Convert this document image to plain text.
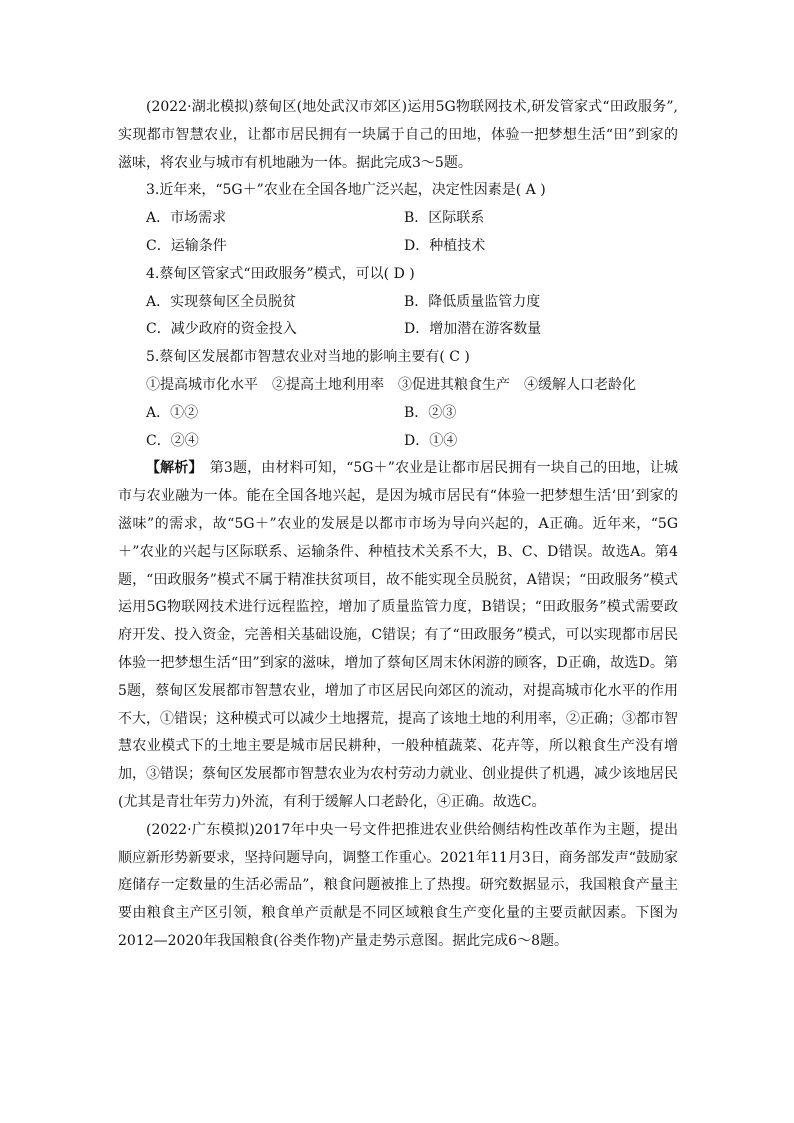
(2022·湖北模拟)蔡甸区(地处武汉市郊区)运用5G物联网技术,研发管家式“田政服务”,实现都市智慧农业，让都市居民拥有一块属于自己的田地，体验一把梦想生活“田”到家的滋味，将农业与城市有机地融为一体。据此完成3～5题。

3.近年来，“5G＋”农业在全国各地广泛兴起，决定性因素是( A )

A．市场需求	B．区际联系
C．运输条件	D．种植技术

4.蔡甸区管家式“田政服务”模式，可以( D )

A．实现蔡甸区全员脱贫	B．降低质量监管力度
C．减少政府的资金投入	D．增加潜在游客数量

5.蔡甸区发展都市智慧农业对当地的影响主要有( C )

①提高城市化水平　②提高土地利用率　③促进其粮食生产　④缓解人口老龄化

A．①②	B．②③
C．②④	D．①④

【解析】　第3题，由材料可知，“5G＋”农业是让都市居民拥有一块自己的田地，让城市与农业融为一体。能在全国各地兴起，是因为城市居民有“体验一把梦想生活‘田’到家的滋味”的需求，故“5G＋”农业的发展是以都市市场为导向兴起的，A正确。近年来，“5G＋”农业的兴起与区际联系、运输条件、种植技术关系不大，B、C、D错误。故选A。第4题，“田政服务”模式不属于精准扶贫项目，故不能实现全员脱贫，A错误；“田政服务”模式运用5G物联网技术进行远程监控，增加了质量监管力度，B错误；“田政服务”模式需要政府开发、投入资金，完善相关基础设施，C错误；有了“田政服务”模式，可以实现都市居民体验一把梦想生活“田”到家的滋味，增加了蔡甸区周末休闲游的顾客，D正确，故选D。第5题，蔡甸区发展都市智慧农业，增加了市区居民向郊区的流动，对提高城市化水平的作用不大，①错误；这种模式可以减少土地撂荒，提高了该地土地的利用率，②正确；③都市智慧农业模式下的土地主要是城市居民耕种，一般种植蔬菜、花卉等，所以粮食生产没有增加，③错误；蔡甸区发展都市智慧农业为农村劳动力就业、创业提供了机遇，减少该地居民(尤其是青壮年劳力)外流，有利于缓解人口老龄化，④正确。故选C。

(2022·广东模拟)2017年中央一号文件把推进农业供给侧结构性改革作为主题，提出顺应新形势新要求，坚持问题导向，调整工作重心。2021年11月3日，商务部发声“鼓励家庭储存一定数量的生活必需品”，粮食问题被推上了热搜。研究数据显示，我国粮食产量主要由粮食主产区引领，粮食单产贡献是不同区域粮食生产变化量的主要贡献因素。下图为2012—2020年我国粮食(谷类作物)产量走势示意图。据此完成6～8题。
